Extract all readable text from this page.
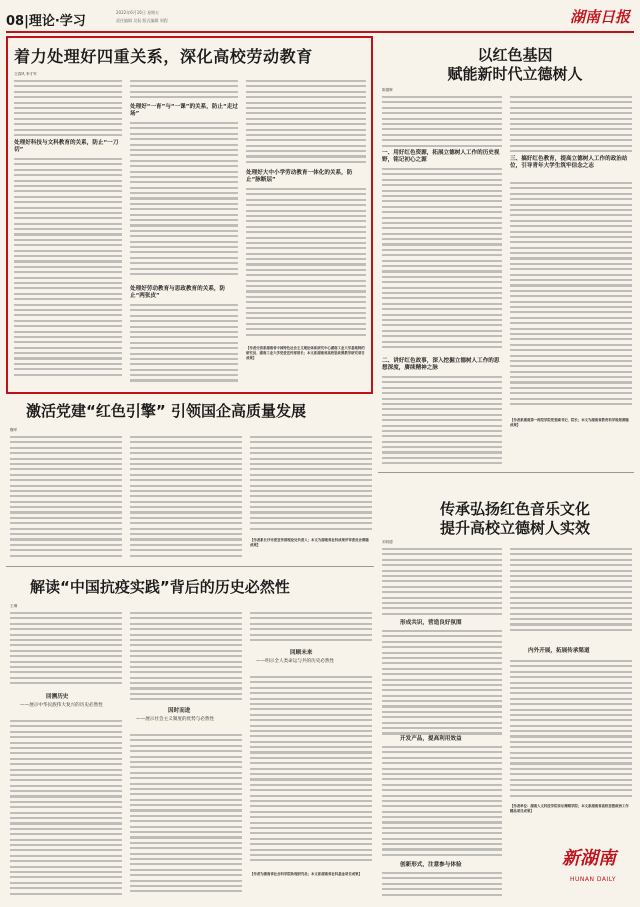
08|理论·学习
2022年6月16日 星期五
责任编辑 吴侃 版式编辑 周程	湖南日报
着力处理好四重关系，深化高校劳动教育
文春风 李才军
处理好科技与文科教育的关系，防止“一刀切”
处理好“一育”与“一课”的关系，防止“走过场”
处理好劳动教育与思政教育的关系，防止“两张皮”
处理好大中小学劳动教育一体化的关系，防止“脉断层”
【作者分别系湖南省中国特色社会主义理论体系研究中心湖南工业大学基地特约研究员、湖南工业大学党委宣传部部长；本文系湖南省高校思政课教学研究项目成果】
以红色基因
赋能新时代立德树人
陈德辉
一、用好红色资源，拓展立德树人工作的历史视野，铭记初心之源
二、讲好红色故事，深入挖掘立德树人工作的思想深度，赓续精神之脉
三、搞好红色教育，提高立德树人工作的政治站位，引导青年大学生筑牢信念之志
【作者系湖南第一师范学院党委副书记、院长；本文为湖南省教育科学规划课题成果】
激活党建“红色引擎” 引领国企高质量发展
魏军
【作者系长沙市委宣传部理论处负责人；本文为湖南省社科成果评审委员会课题成果】
传承弘扬红色音乐文化
提升高校立德树人实效
刘同德
形成共识，营造良好氛围
开发产品，提高利用效益
创新形式，注意参与体验
内外开展，拓展传承渠道
【作者单位：湖南人文科技学院音乐舞蹈学院；本文系湖南省高校思想政治工作精品项目成果】
新湖南
HUNAN DAILY
解读“中国抗疫实践”背后的历史必然性
王琳
回溯历史
——展示中华民族伟大复兴的历史必然性
因时而进
——展示社会主义制度的优势与必然性
回顾未来
——明示全人类命运与共的历史必然性
【作者为湖南省社会科学院助理研究员；本文系湖南省社科基金项目成果】
